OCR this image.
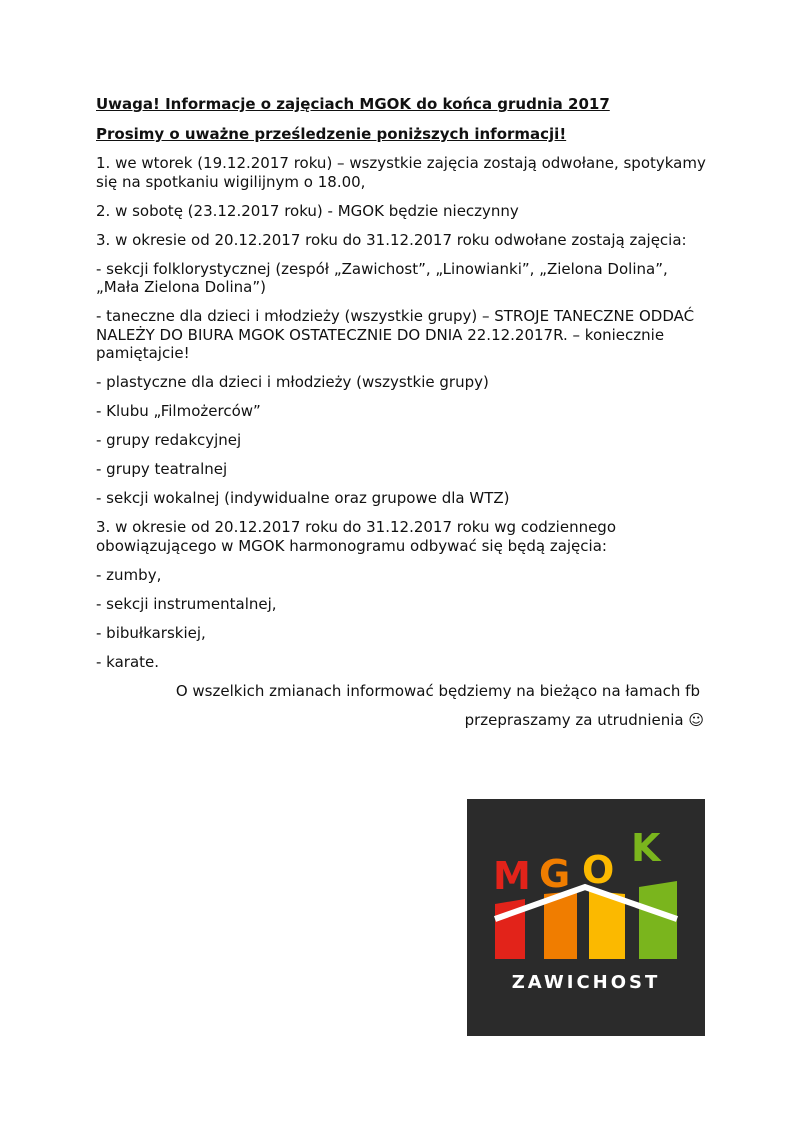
Uwaga! Informacje o zajęciach MGOK do końca grudnia 2017
Prosimy o uważne prześledzenie poniższych informacji!
1. we wtorek (19.12.2017 roku) – wszystkie zajęcia zostają odwołane, spotykamy się na spotkaniu wigilijnym o 18.00,
2. w sobotę (23.12.2017 roku) - MGOK będzie nieczynny
3. w okresie od 20.12.2017 roku do 31.12.2017 roku odwołane zostają zajęcia:
- sekcji folklorystycznej (zespół „Zawichost”, „Linowianki”, „Zielona Dolina”, „Mała Zielona Dolina”)
- taneczne dla dzieci i młodzieży (wszystkie grupy) – STROJE TANECZNE ODDAĆ NALEŻY DO BIURA MGOK OSTATECZNIE DO DNIA 22.12.2017R. – koniecznie pamiętajcie!
- plastyczne dla dzieci i młodzieży (wszystkie grupy)
- Klubu „Filmożerców”
- grupy redakcyjnej
- grupy teatralnej
- sekcji wokalnej (indywidualne oraz grupowe dla WTZ)
3. w okresie od 20.12.2017 roku do 31.12.2017 roku wg codziennego obowiązującego w MGOK harmonogramu odbywać się będą zajęcia:
- zumby,
- sekcji instrumentalnej,
- bibułkarskiej,
- karate.
O wszelkich zmianach informować będziemy na bieżąco na łamach fb
przepraszamy za utrudnienia ☺
M G O K
ZAWICHOST
